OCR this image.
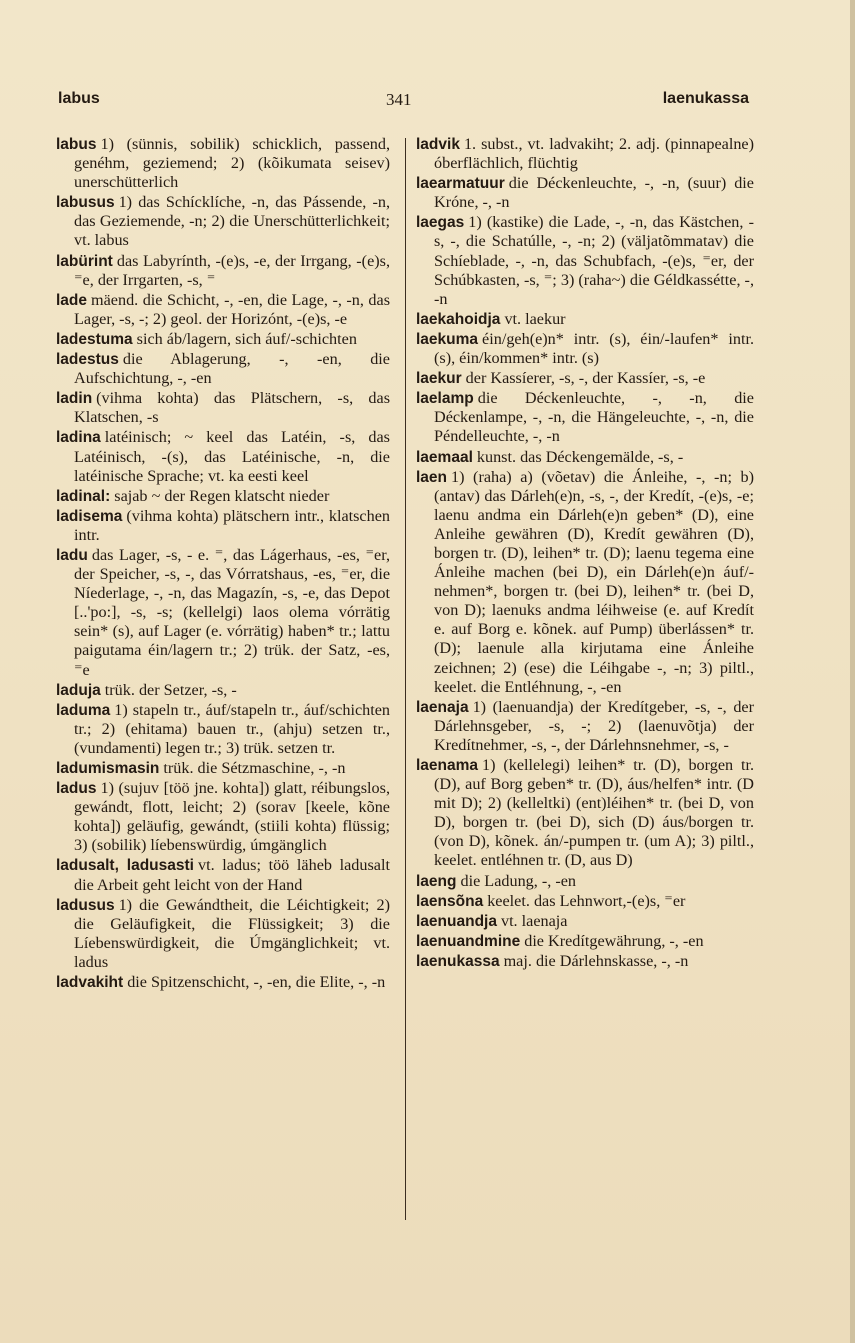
labus	341	laenukassa

labus 1) (sünnis, sobilik) schicklich, passend, genéhm, geziemend; 2) (kõikumata seisev) unerschütterlich

labusus 1) das Schícklíche, -n, das Pássende, -n, das Geziemende, -n; 2) die Unerschütterlichkeit; vt. labus

labürint das Labyrínth, -(e)s, -e, der Irrgang, -(e)s, ⁼e, der Irrgarten, -s, ⁼

lade mäend. die Schicht, -, -en, die Lage, -, -n, das Lager, -s, -; 2) geol. der Horizónt, -(e)s, -e

ladestuma sich áb/lagern, sich áuf/-schichten

ladestus die Ablagerung, -, -en, die Aufschichtung, -, -en

ladin (vihma kohta) das Plätschern, -s, das Klatschen, -s

ladina latéinisch; ~ keel das Latéin, -s, das Latéinisch, -(s), das Latéinische, -n, die latéinische Sprache; vt. ka eesti keel

ladinal: sajab ~ der Regen klatscht nieder

ladisema (vihma kohta) plätschern intr., klatschen intr.

ladu das Lager, -s, - e. ⁼, das Lágerhaus, -es, ⁼er, der Speicher, -s, -, das Vórratshaus, -es, ⁼er, die Níederlage, -, -n, das Magazín, -s, -e, das Depot [..'po:], -s, -s; (kellelgi) laos olema vórrätig sein* (s), auf Lager (e. vórrätig) haben* tr.; lattu paigutama éin/lagern tr.; 2) trük. der Satz, -es, ⁼e

laduja trük. der Setzer, -s, -

laduma 1) stapeln tr., áuf/stapeln tr., áuf/schichten tr.; 2) (ehitama) bauen tr., (ahju) setzen tr., (vundamenti) legen tr.; 3) trük. setzen tr.

ladumismasin trük. die Sétzmaschine, -, -n

ladus 1) (sujuv [töö jne. kohta]) glatt, réibungslos, gewándt, flott, leicht; 2) (sorav [keele, kõne kohta]) geläufig, gewándt, (stiili kohta) flüssig; 3) (sobilik) líebenswürdig, úmgänglich

ladusalt, ladusasti vt. ladus; töö läheb ladusalt die Arbeit geht leicht von der Hand

ladusus 1) die Gewándtheit, die Léichtigkeit; 2) die Geläufigkeit, die Flüssigkeit; 3) die Líebenswürdigkeit, die Úmgänglichkeit; vt. ladus

ladvakiht die Spitzenschicht, -, -en, die Elite, -, -n

ladvik 1. subst., vt. ladvakiht; 2. adj. (pinnapealne) óberflächlich, flüchtig

laearmatuur die Déckenleuchte, -, -n, (suur) die Króne, -, -n

laegas 1) (kastike) die Lade, -, -n, das Kästchen, -s, -, die Schatúlle, -, -n; 2) (väljatõmmatav) die Schíeblade, -, -n, das Schubfach, -(e)s, ⁼er, der Schúbkasten, -s, ⁼; 3) (raha~) die Géldkassétte, -, -n

laekahoidja vt. laekur

laekuma éin/geh(e)n* intr. (s), éin/-laufen* intr. (s), éin/kommen* intr. (s)

laekur der Kassíerer, -s, -, der Kassíer, -s, -e

laelamp die Déckenleuchte, -, -n, die Déckenlampe, -, -n, die Hängeleuchte, -, -n, die Péndelleuchte, -, -n

laemaal kunst. das Déckengemälde, -s, -

laen 1) (raha) a) (võetav) die Ánleihe, -, -n; b) (antav) das Dárleh(e)n, -s, -, der Kredít, -(e)s, -e; laenu andma ein Dárleh(e)n geben* (D), eine Anleihe gewähren (D), Kredít gewähren (D), borgen tr. (D), leihen* tr. (D); laenu tegema eine Ánleihe machen (bei D), ein Dárleh(e)n áuf/-nehmen*, borgen tr. (bei D), leihen* tr. (bei D, von D); laenuks andma léihweise (e. auf Kredít e. auf Borg e. kõnek. auf Pump) überlássen* tr. (D); laenule alla kirjutama eine Ánleihe zeichnen; 2) (ese) die Léihgabe -, -n; 3) piltl., keelet. die Entléhnung, -, -en

laenaja 1) (laenuandja) der Kredítgeber, -s, -, der Dárlehnsgeber, -s, -; 2) (laenuvõtja) der Kredítnehmer, -s, -, der Dárlehnsnehmer, -s, -

laenama 1) (kellelegi) leihen* tr. (D), borgen tr. (D), auf Borg geben* tr. (D), áus/helfen* intr. (D mit D); 2) (kelleltki) (ent)léihen* tr. (bei D, von D), borgen tr. (bei D), sich (D) áus/borgen tr. (von D), kõnek. án/-pumpen tr. (um A); 3) piltl., keelet. entléhnen tr. (D, aus D)

laeng die Ladung, -, -en

laensõna keelet. das Lehnwort,-(e)s, ⁼er

laenuandja vt. laenaja

laenuandmine die Kredítgewährung, -, -en

laenukassa maj. die Dárlehnskasse, -, -n
